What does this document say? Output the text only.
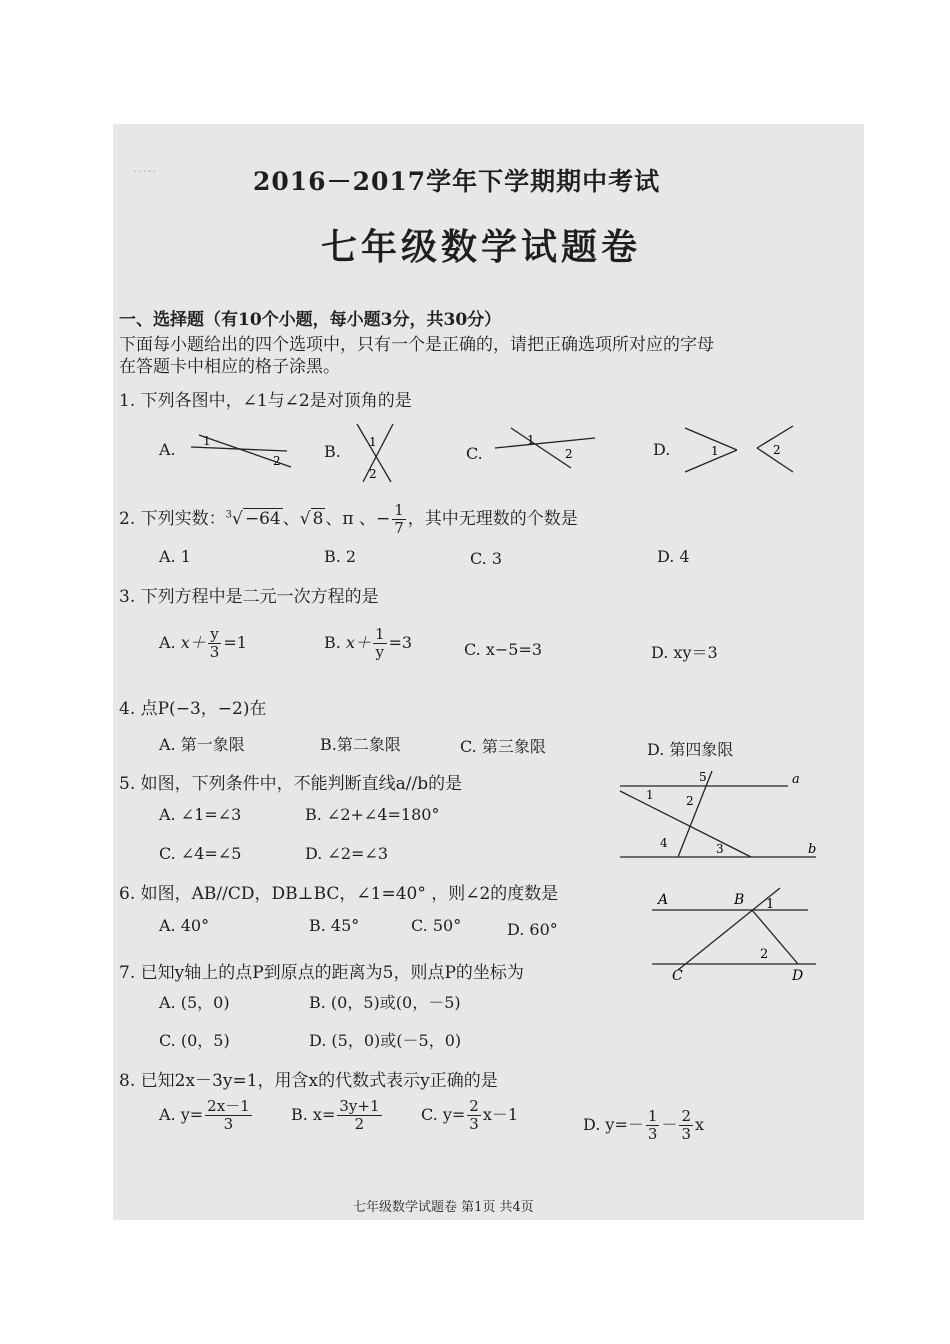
·····	2016－2017学年下学期期中考试
七年级数学试题卷
一、选择题（有10个小题，每小题3分，共30分）
下面每小题给出的四个选项中，只有一个是正确的，请把正确选项所对应的字母
在答题卡中相应的格子涂黑。
1. 下列各图中，∠1与∠2是对顶角的是
A. 1
2	B. 1
2
C.
1
2	D.	1	2
2. 下列实数：$^3$√ −64 、√ 8 、π 、− $\frac{1}{7}$ ，其中无理数的个数是
A. 1	B. 2	C. 3	D. 4
3. 下列方程中是二元一次方程的是
A. $x+ \frac{y}{3} =1$	B. $x+ \frac{1}{y} =3$	C. x−5=3	D. xy＝3
4. 点P(−3，−2)在
A. 第一象限	B.第二象限	C. 第三象限	D. 第四象限
5. 如图，下列条件中，不能判断直线a//b的是
A. ∠1=∠3	B. ∠2+∠4=180°
C. ∠4=∠5	D. ∠2=∠3
5	a
1	2
4	3	b
6. 如图，AB//CD，DB⊥BC，∠1=40° ，则∠2的度数是
A. 40°	B. 45°	C. 50°	D. 60°
A	B 1
2
C	D
7. 已知y轴上的点P到原点的距离为5，则点P的坐标为
A. (5，0)	B. (0，5)或(0，－5)
C. (0，5)	D. (5，0)或(－5，0)
8. 已知2x－3y=1，用含x的代数式表示y正确的是
A. $y= \frac{2x-1}{3} B$. $x= \frac{3y+1}{2} C$. $y= \frac{2}{3} x-1$
D. $y=- \frac{1}{3} - \frac{2}{3}$ x
七年级数学试题卷 第1页 共4页
